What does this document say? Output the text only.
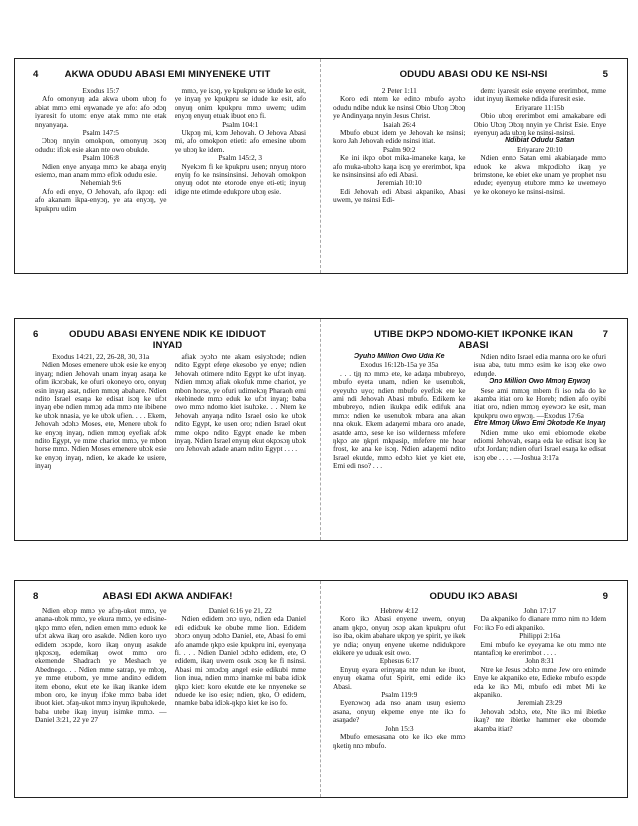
4	AKWA ODUDU ABASI EMI MINYENEKE UTIT

Exodus 15:7

Afo omonyuŋ ada akwa ubom ubɔŋ fo abiat mmɔ emi eŋwanade ye afo: afo ɔdɔŋ iyaresit fo utom: enye atak mmɔ nte etak nnyanyaŋa.

Psalm 147:5

Ɔbɔŋ nnyin omokpon, omonyuŋ ɔsɔŋ odudu: ifiɔk esie akan nte owo obukde.

Psalm 106:8

Ndien enye anyaŋa mmɔ ke abaŋa enyiŋ esiemɔ, man anam mmɔ efiɔk odudu esie.

Nehemiah 9:6

Afo edi enye, O Jehovah, afo ikpɔŋ: edi afo akanam ikpa-enyɔŋ, ye ata enyɔŋ, ye kpukpru udim

mmɔ, ye isɔŋ, ye kpukpru se idude ke esit, ye inyaŋ ye kpukpru se idude ke esit, afo onyuŋ onim kpukpru mmɔ uwem; udim enyɔŋ enyuŋ etuak ibuot enɔ fi.

Psalm 104:1

Ukpɔŋ mi, kɔm Jehovah. O Jehova Abasi mi, afo omokpon etieti: afo emesine ubom ye ubɔŋ ke idem.

Psalm 145:2, 3

Nyekɔm fi ke kpukpru usen; nnyuŋ ntoro enyiŋ fo ke nsinsinsinsi. Jehovah omokpon onyuŋ odot nte etorode enye eti-eti; inyuŋ idige nte etimde edukpɔre ubɔŋ esie.

5
ODUDU ABASI ODU KE NSI-NSI

2 Peter 1:11

Koro edi ntem ke edinɔ mbufo ayɔhɔ odudu ndibe nduk ke nsinsi Obio Ubɔŋ Ɔbɔŋ ye Andinyaŋa nnyin Jesus Christ.

Isaiah 26:4

Mbufo ebuɔt idem ye Jehovah ke nsinsi; koro Jah Jehovah edide nsinsi itiat.

Psalm 90:2

Ke ini ikpɔ obot mika-imaneke kaŋa, ke afo muka-ubɔhɔ kaŋa isɔŋ ye ererimbot, kpa ke nsinsinsinsi afo edi Abasi.

Jeremiah 10:10

Edi Jehovah edi Abasi akpaniko, Abasi uwem, ye nsinsi Edi-

dem: iyaresit esie enyene ererimbot, mme idut inyuŋ ikemeke ndida ifuresit esie.

Eriyarare 11:15b

Obio ubɔŋ ererimbot emi amakabare edi Obio Ubɔŋ Ɔbɔŋ nnyin ye Christ Esie. Enye eyenyuŋ ada ubɔŋ ke nsinsi-nsinsi.

Ndibiat Odudu Satan

Eriyarare 20:10

Ndien ennɔ Satan emi akabiaŋade mmɔ eduok ke akwa mkpɔdiɔhɔ ikaŋ ye brimstone, ke ebiet eke unam ye prophet nsu edude; eyenyuŋ etubɔre mmɔ ke uwemeyo ye ke okoneyo ke nsinsi-nsinsi.

6	ODUDU ABASI ENYENE NDIK KE IDIDUOT INYAŊ

Exodus 14:21, 22, 26-28, 30, 31a

Ndien Moses emenere ubɔk esie ke enyɔŋ inyaŋ; ndien Jehovah unam inyaŋ asaŋa ke ofim ikɔrɔbak, ke ofuri okoneyo oro, onyuŋ esin inyaŋ asat, ndien mmɔŋ abahare. Ndien ndito Israel esaŋa ke edisat isɔŋ ke ufɔt inyaŋ ebe ndien mmɔŋ ada mmɔ nte ibibene ke ubɔk nnasia, ye ke ubɔk ufien. . . . Ekem, Jehovah ɔdɔhɔ Moses, ete, Menere ubɔk fo ke enyɔŋ inyaŋ, ndien mmɔŋ eyefiak afɔk ndito Egypt, ye mme chariot mmɔ, ye mbon horse mmɔ. Ndien Moses emenere ubɔk esie ke enyɔŋ inyaŋ, ndien, ke akade ke usiere, inyaŋ

afiak ɔyɔhɔ nte akam esiyɔhɔde; ndien ndito Egypt efeŋe ekesobo ye enye; ndien Jehovah otimere ndito Egypt ke ufɔt inyaŋ. Ndien mmɔŋ afiak okofuk mme chariot, ye mbon horse, ye ofuri udimekɔŋ Pharaoh emi ekebinede mmɔ eduk ke ufɔt inyaŋ; baba owo mmɔ ndomo kiet isuhɔke. . . Ntem ke Jehovah anyaŋa ndito Israel osio ke ubɔk ndito Egypt, ke usen oro; ndien Israel okut mme okpo ndito Egypt enade ke mben inyaŋ. Ndien Israel enyuŋ ekut okpɔsɔŋ ubɔk oro Jehovah adade anam ndito Egypt . . . .

7
UTIBE ŊKPƆ NDOMO-KIET IKPONKE IKAN ABASI

Ɔyuhɔ Million Owo Udia Ke

Exodus 16:12b-15a ye 35a

. . . ti̱ŋ nɔ mmɔ ete, ke adaŋa mbubreyo, mbufo eyeta unam, ndien ke usenubɔk, eyeyuhɔ uyo; ndien mbufo eyefiɔk ete ke ami ndi Jehovah Abasi mbufo. Edikem ke mbubreyo, ndien ikukpa edik edifuk ana mmɔ: ndien ke usenubɔk mbara ana akan nna okuk. Ekem adaŋemi mbara oro anade, asatde amɔ, sese ke iso wilderness mfefere ŋkpɔ ate ŋkpri mkpasip, mfefere nte hoar frost, ke ana ke isɔŋ. Ndien adaŋemi ndito Israel ekutde, mmɔ edɔhɔ kiet ye kiet ete, Emi edi nso? . . .

Ndien ndito Israel edia manna oro ke ofuri isua aba, tutu mmɔ esim ke isɔŋ eke owo eduŋde.

Ɔnɔ Million Owo Mmɔŋ Eŋwɔŋ

Sese ami mmɔŋ mbem fi iso nda do ke akamba itiat oro ke Horeb; ndien afo oyibi itiat oro, ndien mmɔŋ eyewɔrɔ ke esit, man kpukpru owo eŋwɔŋ. —Exodus 17:6a

Etre Mmɔŋ Ukwɔ Emi Ɔkotɔde Ke Inyaŋ

Ndien mme uko emi ebiomode ekebe ediomi Jehovah, esaŋa eda ke edisat isɔŋ ke ufɔt Jordan; ndien ofuri Israel esaŋa ke edisat isɔŋ ebe . . . . —Joshua 3:17a

8	ABASI EDI AKWA ANDIFAK!

Ndien ebɔp mmɔ ye afɔŋ-ukot mmɔ, ye anana-ubɔk mmɔ, ye ekura mmɔ, ye edisine-ŋkpɔ mmɔ efen, ndien emen mmɔ eduok ke ufɔt akwa ikaŋ oro asakde. Ndien koro uyo edidem ɔsɔpde, koro ikaŋ onyuŋ asakde ŋkpɔsɔŋ, edemikaŋ owot mmɔ oro ekemende Shadrach ye Meshach ye Abednego. . . Ndien mme satrap, ye mbɔŋ, ye mme etubom, ye mme andinɔ edidem item ebono, ekut ete ke ikaŋ ikanke idem mbon oro, ke inyuŋ ifɔke mmɔ baba idet ibuot kiet. ɔfaŋ-ukot mmɔ inyuŋ ikpuhɔkede, baba utebe ikaŋ inyuŋ isimke mmɔ. —Daniel 3:21, 22 ye 27

Daniel 6:16 ye 21, 22

Ndien edidem ɔnɔ uyo, ndien eda Daniel edi edidɔuk ke obube mme lion. Edidem ɔbɔrɔ onyuŋ ɔdɔhɔ Daniel, ete, Abasi fo emi afo anamde ŋkpɔ esie kpukpru ini, eyenyaŋa fi. . . . Ndien Daniel ɔdɔhɔ edidem, ete, O edidem, ikaŋ uwem osuk ɔsɔŋ ke fi nsinsi. Abasi mi ɔmɔdɔŋ angel esie edikubi mme lion inua, ndien mmɔ inamke mi baba idiɔk ŋkpɔ kiet: koro ekutde ete ke nnyeneke se nduede ke iso esie; ndien, ŋko, O edidem, nnamke baba idiɔk-ŋkpɔ kiet ke iso fo.

9
ODUDU IKƆ ABASI

Hebrew 4:12

Koro ikɔ Abasi enyene uwem, onyuŋ anam ŋkpɔ, onyuŋ ɔsɔp akan kpukpru ofut iso iba, okim abahare ukpɔŋ ye spirit, ye ikek ye ndia; onyuŋ enyene ukeme ndidukpɔre ekikere ye uduak esit owo.

Ephesus 6:17

Enyuŋ eyara erinyaŋa nte ndun ke ibuot, enyuŋ ekama ofut Spirit, emi edide ikɔ Abasi.

Psalm 119:9

Eyenɔwɔŋ ada nso anam usuŋ esiemɔ asana, onyuŋ ekpeme enye nte ikɔ fo asaŋade?

John 15:3

Mbufo emesasana oto ke ikɔ eke mmɔ ŋketiŋ nnɔ mbufo.

John 17:17

Da akpaniko fo dianare mmɔ nim nɔ Idem Fo: ikɔ Fo edi akpaniko.

Philippi 2:16a

Emi mbufo ke eyeyama ke otu mmɔ nte ntantafiɔŋ ke ererimbot . . . .

John 8:31

Ntre ke Jesus ɔdɔhɔ mme Jew oro enimde Enye ke akpaniko ete, Edieke mbufo esɔpde eda ke ikɔ Mi, mbufo edi mbet Mi ke akpaniko.

Jeremiah 23:29

Jehovah ɔdɔhɔ, ete, Nte ikɔ mi ibietke ikaŋ? nte ibietke hammer eke obomde akamba itiat?
